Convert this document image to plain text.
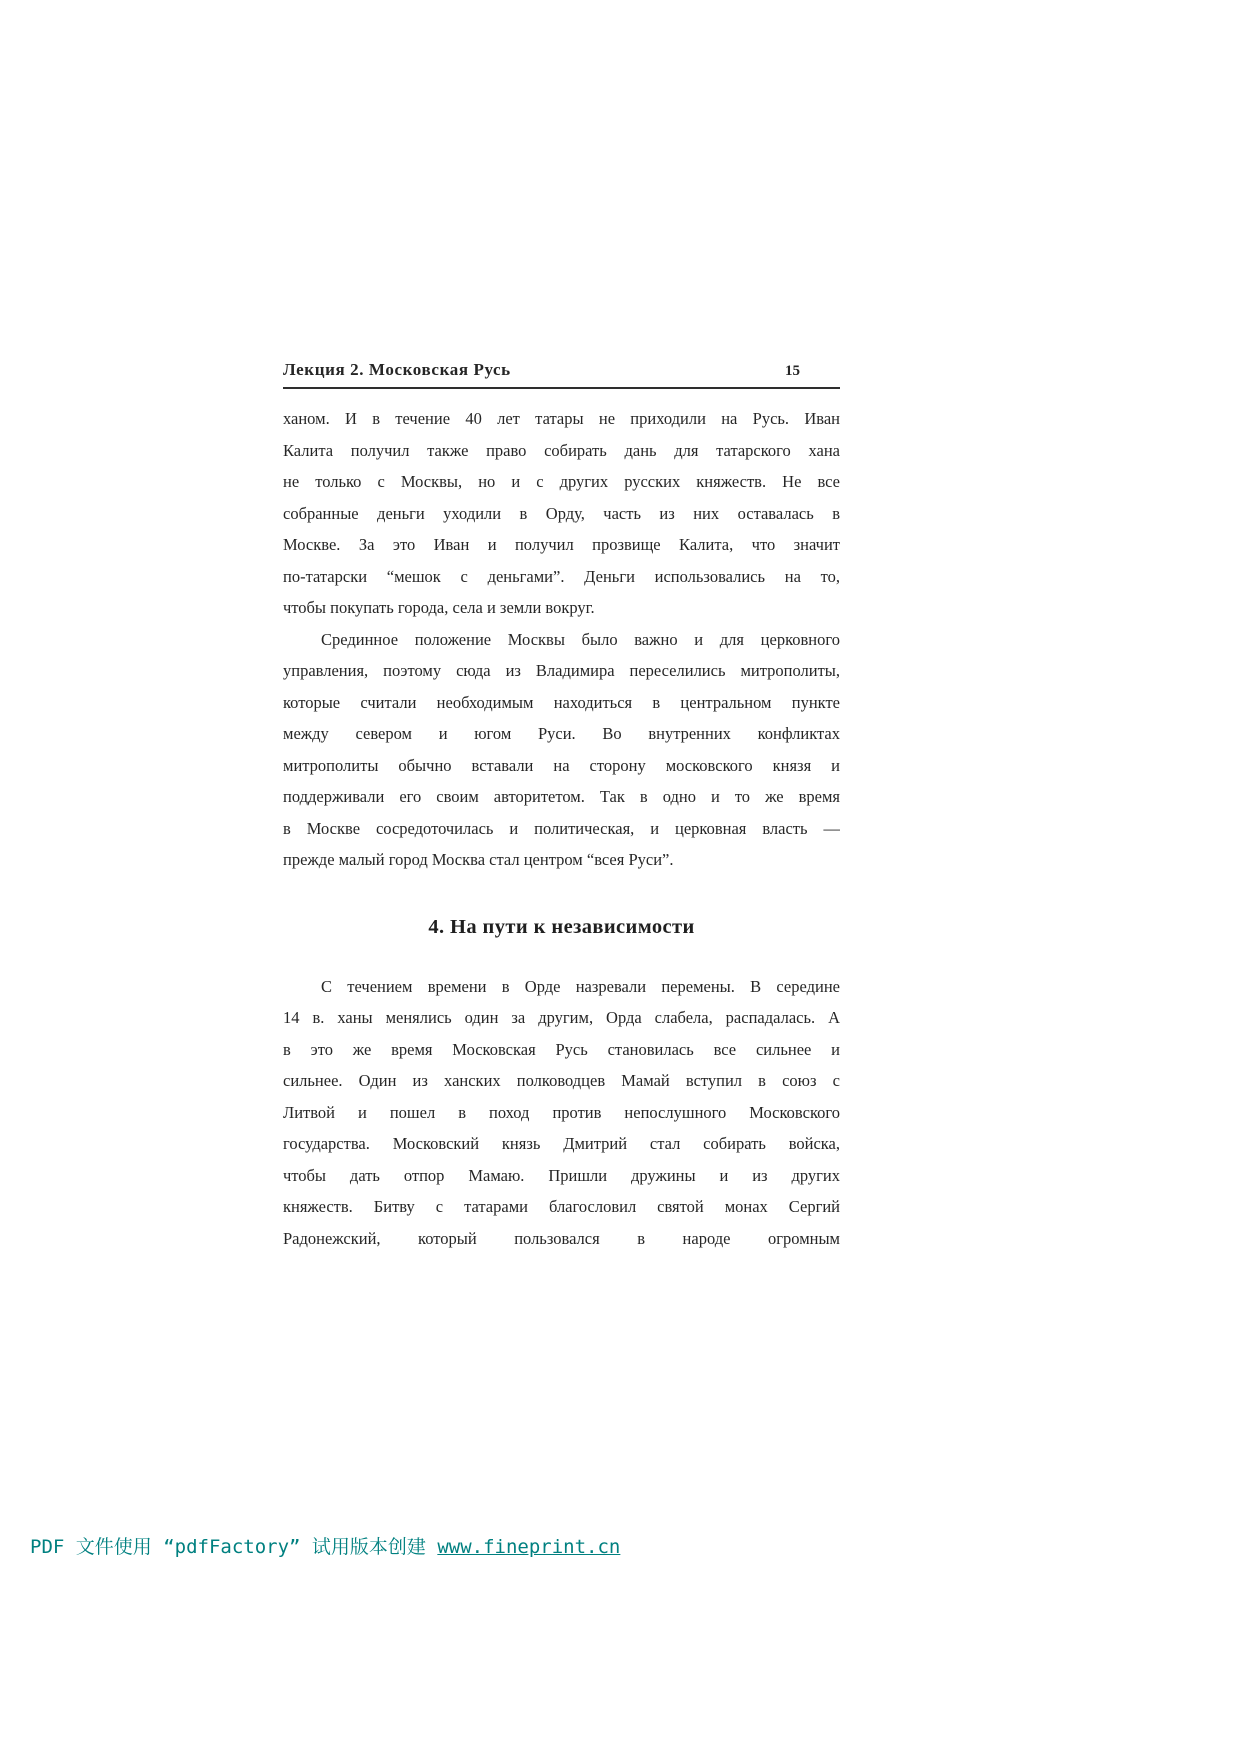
Лекция 2. Московская Русь	15
ханом. И в течение 40 лет татары не приходили на Русь. Иван
Калита получил также право собирать дань для татарского хана
не только с Москвы, но и с других русских княжеств. Не все
собранные деньги уходили в Орду, часть из них оставалась в
Москве. За это Иван и получил прозвище Калита, что значит
по-татарски “мешок с деньгами”. Деньги использовались на то,
чтобы покупать города, села и земли вокруг.
Срединное положение Москвы было важно и для церковного
управления, поэтому сюда из Владимира переселились митрополиты,
которые считали необходимым находиться в центральном пункте
между севером и югом Руси. Во внутренних конфликтах
митрополиты обычно вставали на сторону московского князя и
поддерживали его своим авторитетом. Так в одно и то же время
в Москве сосредоточилась и политическая, и церковная власть —
прежде малый город Москва стал центром “всея Руси”.
4. На пути к независимости
С течением времени в Орде назревали перемены. В середине
14 в. ханы менялись один за другим, Орда слабела, распадалась. А
в это же время Московская Русь становилась все сильнее и
сильнее. Один из ханских полководцев Мамай вступил в союз с
Литвой и пошел в поход против непослушного Московского
государства. Московский князь Дмитрий стал собирать войска,
чтобы дать отпор Мамаю. Пришли дружины и из других
княжеств. Битву с татарами благословил святой монах Сергий
Радонежский, который пользовался в народе огромным
PDF 文件使用 “pdfFactory” 试用版本创建 www.fineprint.cn
